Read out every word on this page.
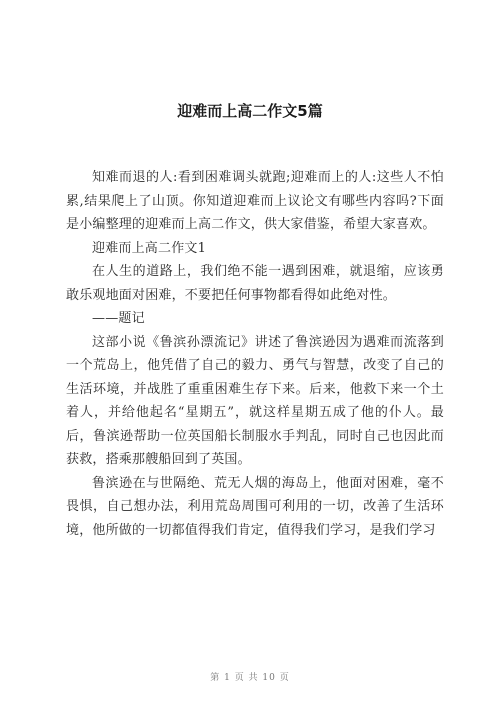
迎难而上高二作文5篇

知难而退的人:看到困难调头就跑;迎难而上的人:这些人不怕累,结果爬上了山顶。你知道迎难而上议论文有哪些内容吗?下面是小编整理的迎难而上高二作文，供大家借鉴，希望大家喜欢。

迎难而上高二作文1

在人生的道路上，我们绝不能一遇到困难，就退缩，应该勇敢乐观地面对困难，不要把任何事物都看得如此绝对性。

——题记

这部小说《鲁滨孙漂流记》讲述了鲁滨逊因为遇难而流落到一个荒岛上，他凭借了自己的毅力、勇气与智慧，改变了自己的生活环境，并战胜了重重困难生存下来。后来，他救下来一个土着人，并给他起名“星期五”，就这样星期五成了他的仆人。最后，鲁滨逊帮助一位英国船长制服水手判乱，同时自己也因此而获救，搭乘那艘船回到了英国。

鲁滨逊在与世隔绝、荒无人烟的海岛上，他面对困难，毫不畏惧，自己想办法，利用荒岛周围可利用的一切，改善了生活环境，他所做的一切都值得我们肯定，值得我们学习，是我们学习

第 1 页 共 10 页
